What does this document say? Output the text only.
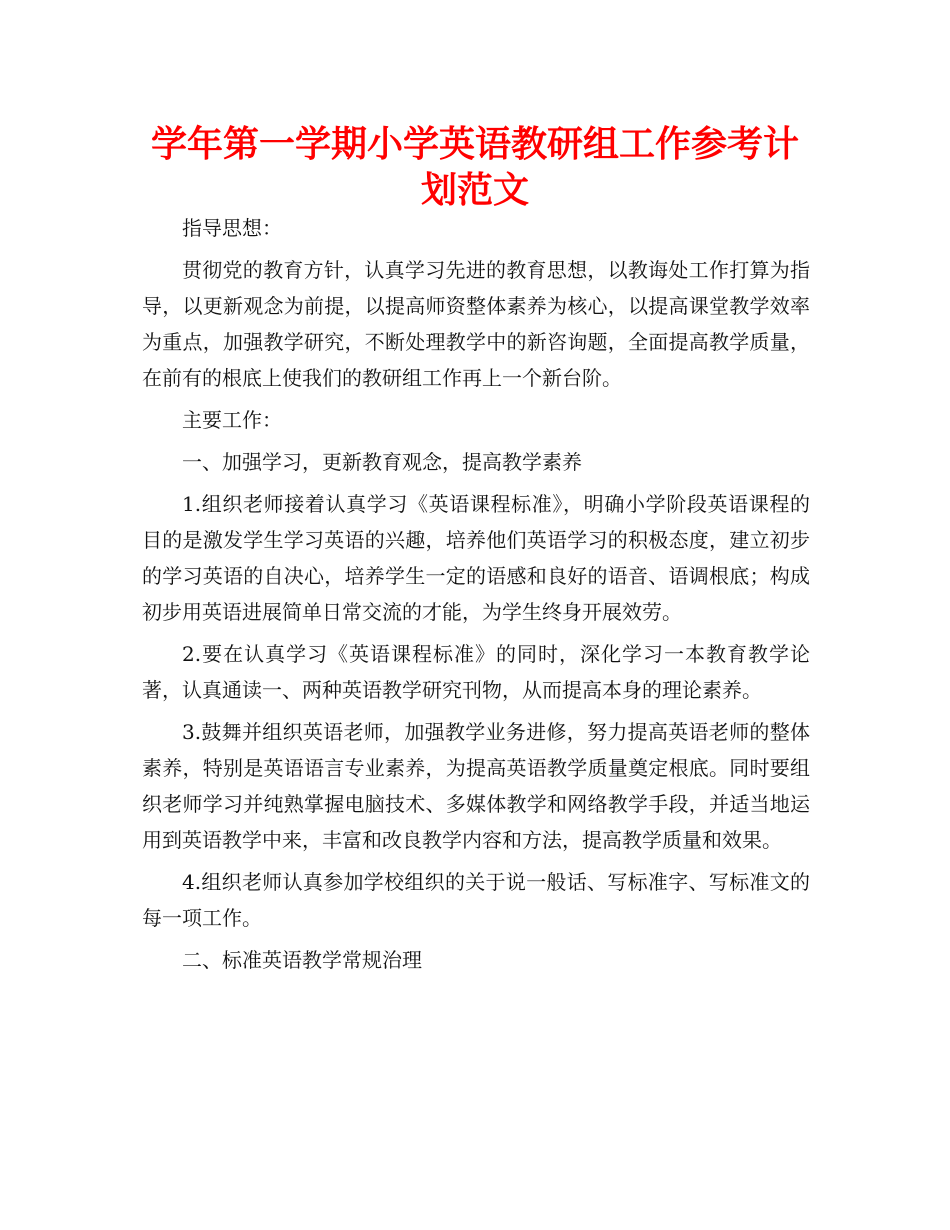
学年第一学期小学英语教研组工作参考计划范文

指导思想：

贯彻党的教育方针，认真学习先进的教育思想，以教诲处工作打算为指导，以更新观念为前提，以提高师资整体素养为核心，以提高课堂教学效率为重点，加强教学研究，不断处理教学中的新咨询题，全面提高教学质量，在前有的根底上使我们的教研组工作再上一个新台阶。

主要工作：

一、加强学习，更新教育观念，提高教学素养

1.组织老师接着认真学习《英语课程标准》，明确小学阶段英语课程的目的是激发学生学习英语的兴趣，培养他们英语学习的积极态度，建立初步的学习英语的自决心，培养学生一定的语感和良好的语音、语调根底；构成初步用英语进展简单日常交流的才能，为学生终身开展效劳。

2.要在认真学习《英语课程标准》的同时，深化学习一本教育教学论著，认真通读一、两种英语教学研究刊物，从而提高本身的理论素养。

3.鼓舞并组织英语老师，加强教学业务进修，努力提高英语老师的整体素养，特别是英语语言专业素养，为提高英语教学质量奠定根底。同时要组织老师学习并纯熟掌握电脑技术、多媒体教学和网络教学手段，并适当地运用到英语教学中来，丰富和改良教学内容和方法，提高教学质量和效果。

4.组织老师认真参加学校组织的关于说一般话、写标准字、写标准文的每一项工作。

二、标准英语教学常规治理
